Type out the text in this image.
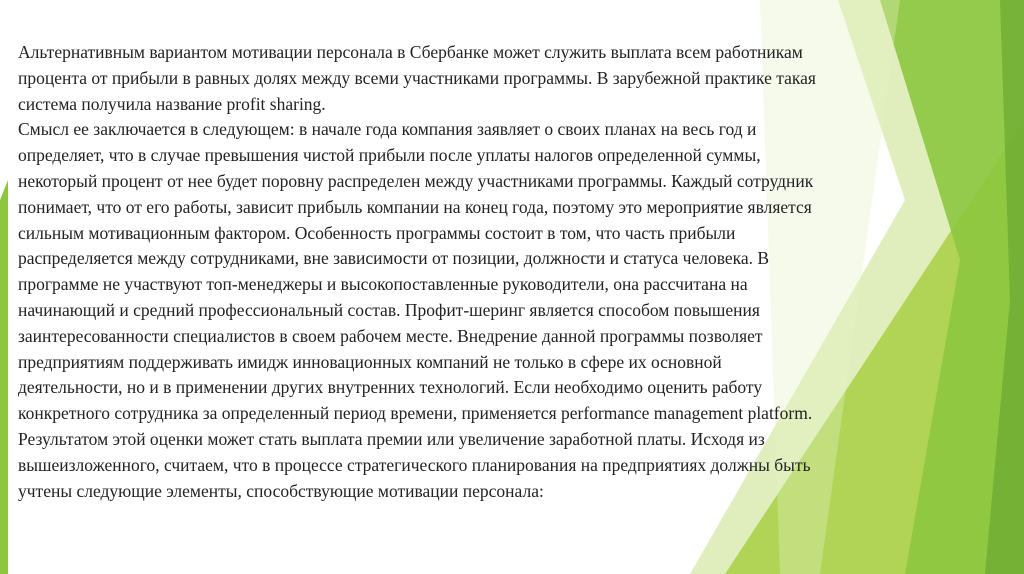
Альтернативным вариантом мотивации персонала в Сбербанке может служить выплата всем работникам
процента от прибыли в равных долях между всеми участниками программы. В зарубежной практике такая
система получила название profit sharing.
Смысл ее заключается в следующем: в начале года компания заявляет о своих планах на весь год и
определяет, что в случае превышения чистой прибыли после уплаты налогов определенной суммы,
некоторый процент от нее будет поровну распределен между участниками программы. Каждый сотрудник
понимает, что от его работы, зависит прибыль компании на конец года, поэтому это мероприятие является
сильным мотивационным фактором. Особенность программы состоит в том, что часть прибыли
распределяется между сотрудниками, вне зависимости от позиции, должности и статуса человека. В
программе не участвуют топ-менеджеры и высокопоставленные руководители, она рассчитана на
начинающий и средний профессиональный состав. Профит-шеринг является способом повышения
заинтересованности специалистов в своем рабочем месте. Внедрение данной программы позволяет
предприятиям поддерживать имидж инновационных компаний не только в сфере их основной
деятельности, но и в применении других внутренних технологий. Если необходимо оценить работу
конкретного сотрудника за определенный период времени, применяется performance management platform.
Результатом этой оценки может стать выплата премии или увеличение заработной платы. Исходя из
вышеизложенного, считаем, что в процессе стратегического планирования на предприятиях должны быть
учтены следующие элементы, способствующие мотивации персонала:
